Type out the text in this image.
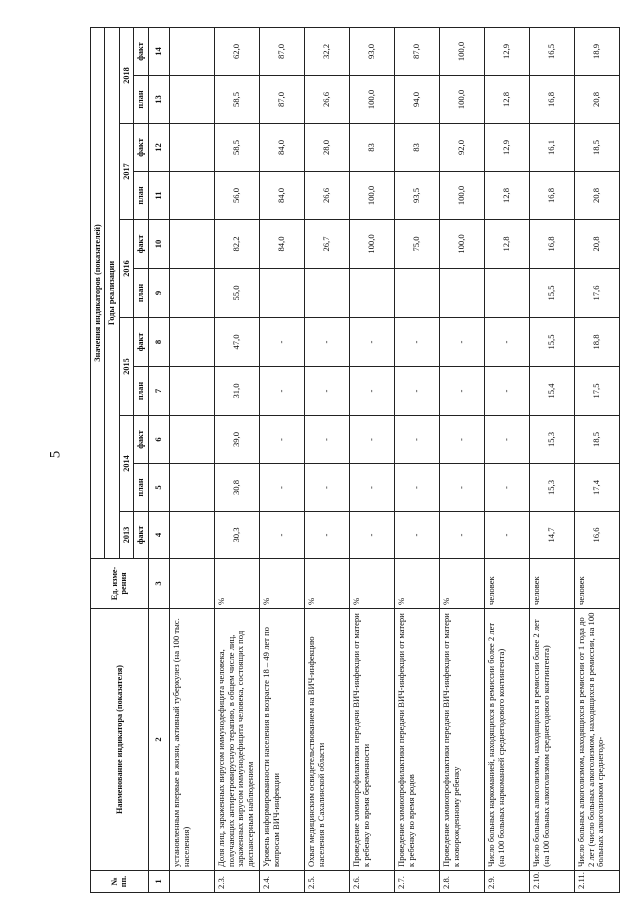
5
№ пп.	Наименование индикатора (показателя)	Ед. изме-рения	Значения индикаторов (показателей)										
			Годы реализации										
			2013	2014		2015		2016		2017		2018	
			факт	план	факт	план	факт	план	факт	план	факт	план	факт
1	2	3	4	5	6	7	8	9	10	11	12	13	14
	установленным впервые в жизни, активный туберкулез (на 100 тыс. населения)												
2.3.	Доля лиц, зараженных вирусом иммунодефицита человека, получающих антиретровирусную терапию, в общем числе лиц, зараженных вирусом иммунодефицита человека, состоящих под диспансерным наблюдением	%	30,3	30,8	39,0	31,0	47,0	55,0	82,2	56,0	58,5	58,5	62,0
2.4.	Уровень информированности населения в возрасте 18 – 49 лет по вопросам ВИЧ-инфекции	%	-	-	-	-	-		84,0	84,0	84,0	87,0	87,0
2.5.	Охват медицинским освидетельствованием на ВИЧ-инфекцию населения в Сахалинской области	%	-	-	-	-	-		26,7	26,6	28,0	26,6	32,2
2.6.	Проведение химиопрофилактики передачи ВИЧ-инфекции от матери к ребенку во время беременности	%	-	-	-	-	-		100,0	100,0	83	100,0	93,0
2.7.	Проведение химиопрофилактики передачи ВИЧ-инфекции от матери к ребенку во время родов	%	-	-	-	-	-		75,0	93,5	83	94,0	87,0
2.8.	Проведение химиопрофилактики передачи ВИЧ-инфекции от матери к новорожденному ребенку	%	-	-	-	-	-		100,0	100,0	92,0	100,0	100,0
2.9.	Число больных наркоманией, находящихся в ремиссии более 2 лет (на 100 больных наркоманией среднегодового контингента)	человек	-	-	-	-	-		12,8	12,8	12,9	12,8	12,9
2.10.	Число больных алкоголизмом, находящихся в ремиссии более 2 лет (на 100 больных алкоголизмом среднегодового контингента)	человек	14,7	15,3	15,3	15,4	15,5	15,5	16,8	16,8	16,1	16,8	16,5
2.11.	Число больных алкоголизмом, находящихся в ремиссии от 1 года до 2 лет (число больных алкоголизмом, находящихся в ремиссии, на 100 больных алкоголизмом среднегодо-	человек	16,6	17,4	18,5	17,5	18,8	17,6	20,8	20,8	18,5	20,8	18,9
